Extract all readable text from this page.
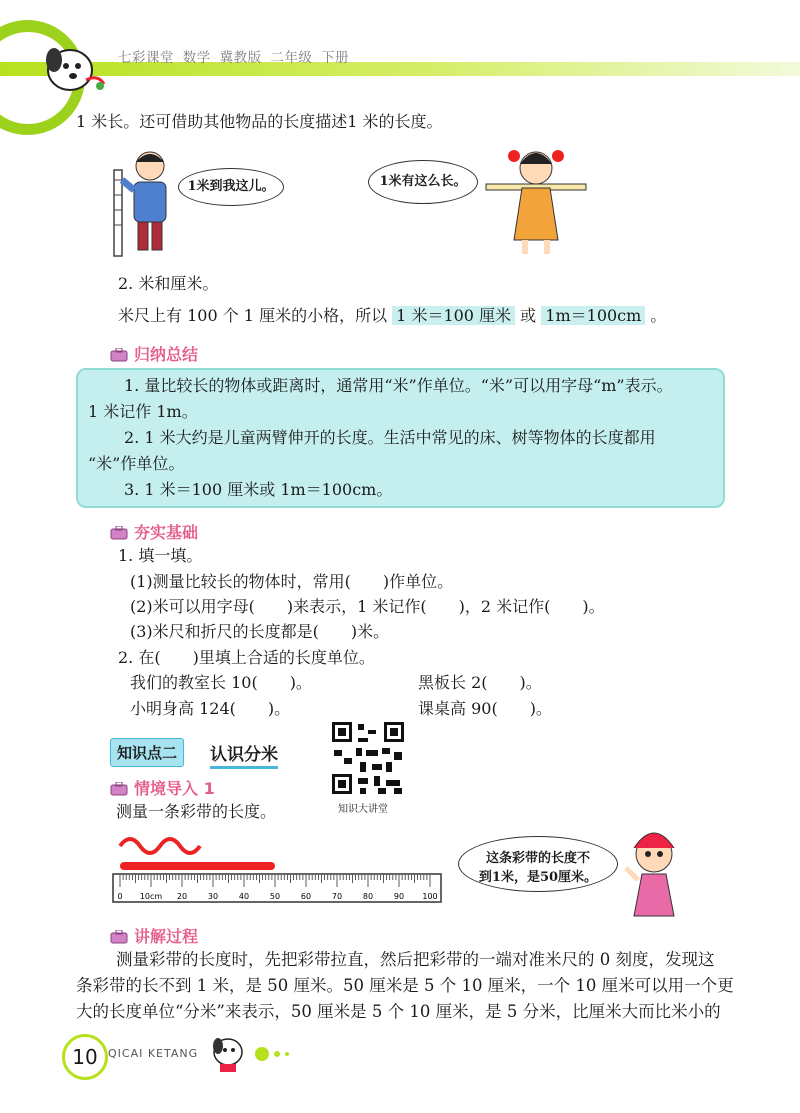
七彩课堂 数学 冀教版 二年级 下册
1 米长。还可借助其他物品的长度描述1 米的长度。
1米到我这儿。	1米有这么长。
2. 米和厘米。
米尺上有 100 个 1 厘米的小格，所以 1 米＝100 厘米 或 1m＝100cm 。
归纳总结
1. 量比较长的物体或距离时，通常用“米”作单位。“米”可以用字母“m”表示。
1 米记作 1m。
2. 1 米大约是儿童两臂伸开的长度。生活中常见的床、树等物体的长度都用
“米”作单位。
3. 1 米＝100 厘米或 1m＝100cm。
夯实基础
1. 填一填。
(1)测量比较长的物体时，常用(　　)作单位。
(2)米可以用字母(　　)来表示，1 米记作(　　)，2 米记作(　　)。
(3)米尺和折尺的长度都是(　　)米。
2. 在(　　)里填上合适的长度单位。
我们的教室长 10(　　)。	黑板长 2(　　)。
小明身高 124(　　)。	课桌高 90(　　)。
知识点二	认识分米
知识大讲堂
情境导入 1
测量一条彩带的长度。
0 10cm 20	30	40	50	60	70	80	90 100
这条彩带的长度不
到1米，是50厘米。
讲解过程
测量彩带的长度时，先把彩带拉直，然后把彩带的一端对准米尺的 0 刻度，发现这
条彩带的长不到 1 米，是 50 厘米。50 厘米是 5 个 10 厘米，一个 10 厘米可以用一个更
大的长度单位“分米”来表示，50 厘米是 5 个 10 厘米，是 5 分米，比厘米大而比米小的
10 QICAI KETANG
